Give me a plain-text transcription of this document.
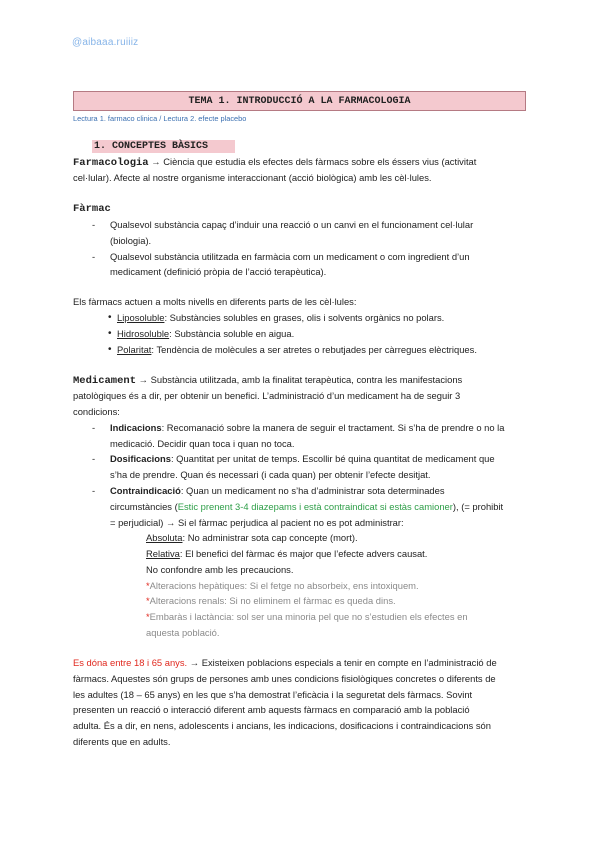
@aibaaa.ruiiiz
TEMA 1. INTRODUCCIÓ A LA FARMACOLOGIA
Lectura 1. farmaco clinica / Lectura 2. efecte placebo
1. CONCEPTES BÀSICS
Farmacologia → Ciència que estudia els efectes dels fàrmacs sobre els éssers vius (activitat
cel·lular). Afecte al nostre organisme interaccionant (acció biològica) amb les cèl·lules.
Fàrmac
- Qualsevol substància capaç d’induir una reacció o un canvi en el funcionament cel·lular
(biologia).
- Qualsevol substància utilitzada en farmàcia com un medicament o com ingredient d’un
medicament (definició pròpia de l’acció terapèutica).
Els fàrmacs actuen a molts nivells en diferents parts de les cèl·lules:
• Liposoluble: Substàncies solubles en grases, olis i solvents orgànics no polars.
• Hidrosoluble: Substància soluble en aigua.
• Polaritat: Tendència de molècules a ser atretes o rebutjades per càrregues elèctriques.
Medicament → Substància utilitzada, amb la finalitat terapèutica, contra les manifestacions
patològiques és a dir, per obtenir un benefici. L’administració d’un medicament ha de seguir 3
condicions:
- Indicacions: Recomanació sobre la manera de seguir el tractament. Si s’ha de prendre o no la
medicació. Decidir quan toca i quan no toca.
- Dosificacions: Quantitat per unitat de temps. Escollir bé quina quantitat de medicament que
s’ha de prendre. Quan és necessari (i cada quan) per obtenir l’efecte desitjat.
- Contraindicació: Quan un medicament no s’ha d’administrar sota determinades
circumstàncies (Estic prenent 3-4 diazepams i està contraindicat si estàs camioner), (= prohibit
= perjudicial) → Si el fàrmac perjudica al pacient no es pot administrar:
Absoluta: No administrar sota cap concepte (mort).
Relativa: El benefici del fàrmac és major que l’efecte advers causat.
No confondre amb les precaucions.
*Alteracions hepàtiques: Si el fetge no absorbeix, ens intoxiquem.
*Alteracions renals: Si no eliminem el fàrmac es queda dins.
*Embaràs i lactància: sol ser una minoria pel que no s’estudien els efectes en
aquesta població.
Es dóna entre 18 i 65 anys. → Existeixen poblacions especials a tenir en compte en l’administració de
fàrmacs. Aquestes són grups de persones amb unes condicions fisiològiques concretes o diferents de
les adultes (18 – 65 anys) en les que s’ha demostrat l’eficàcia i la seguretat dels fàrmacs. Sovint
presenten un reacció o interacció diferent amb aquests fàrmacs en comparació amb la població
adulta. És a dir, en nens, adolescents i ancians, les indicacions, dosificacions i contraindicacions són
diferents que en adults.
